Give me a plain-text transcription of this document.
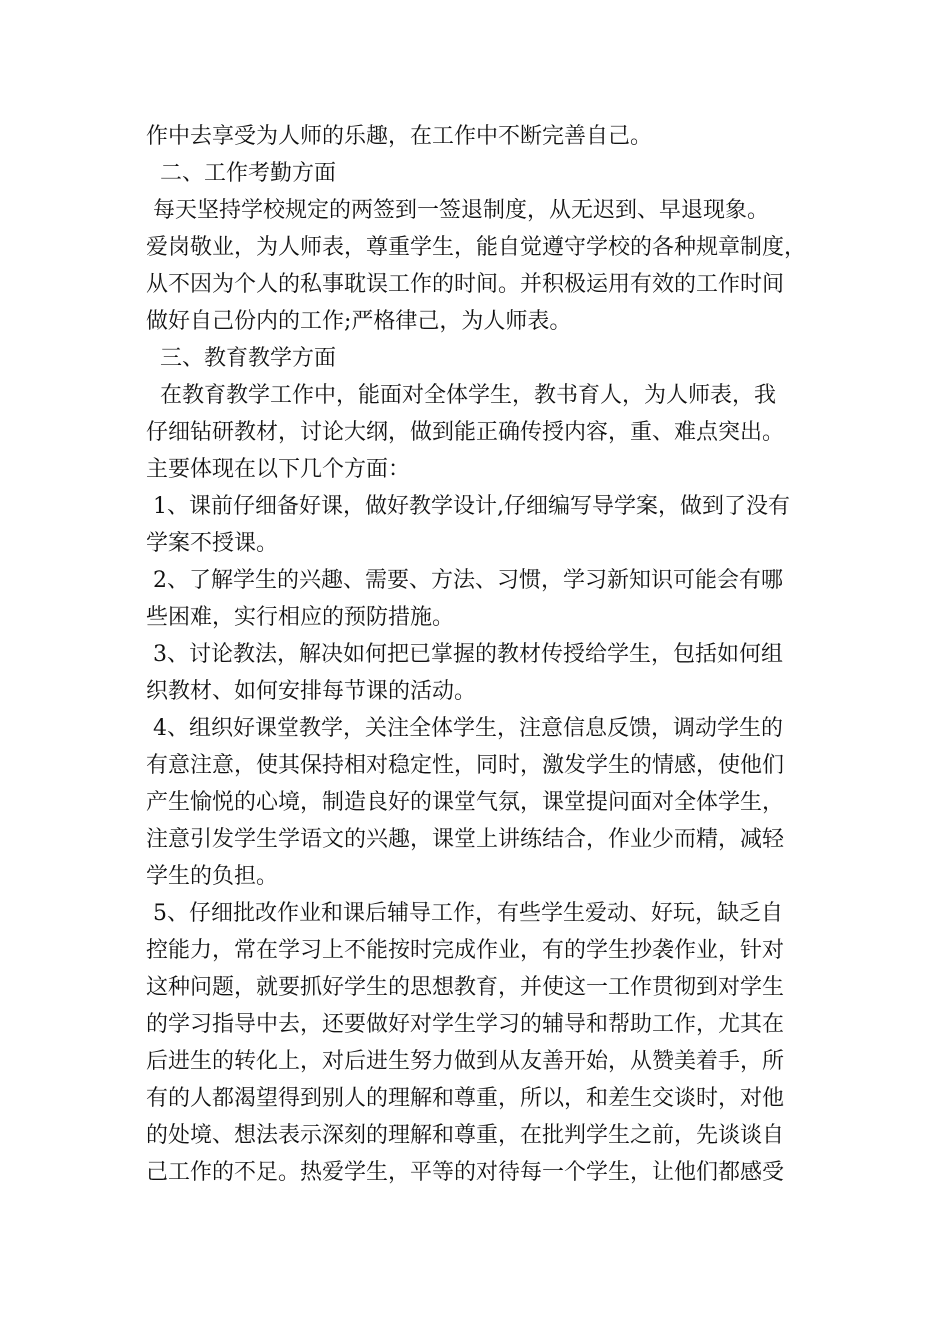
作中去享受为人师的乐趣，在工作中不断完善自己。
二、工作考勤方面
每天坚持学校规定的两签到一签退制度，从无迟到、早退现象。
爱岗敬业，为人师表，尊重学生，能自觉遵守学校的各种规章制度，
从不因为个人的私事耽误工作的时间。并积极运用有效的工作时间
做好自己份内的工作;严格律己，为人师表。
三、教育教学方面
在教育教学工作中，能面对全体学生，教书育人，为人师表，我
仔细钻研教材，讨论大纲，做到能正确传授内容，重、难点突出。
主要体现在以下几个方面：
1、课前仔细备好课，做好教学设计,仔细编写导学案，做到了没有
学案不授课。
2、了解学生的兴趣、需要、方法、习惯，学习新知识可能会有哪
些困难，实行相应的预防措施。
3、讨论教法，解决如何把已掌握的教材传授给学生，包括如何组
织教材、如何安排每节课的活动。
4、组织好课堂教学，关注全体学生，注意信息反馈，调动学生的
有意注意，使其保持相对稳定性，同时，激发学生的情感，使他们
产生愉悦的心境，制造良好的课堂气氛，课堂提问面对全体学生，
注意引发学生学语文的兴趣，课堂上讲练结合，作业少而精，减轻
学生的负担。
5、仔细批改作业和课后辅导工作，有些学生爱动、好玩，缺乏自
控能力，常在学习上不能按时完成作业，有的学生抄袭作业，针对
这种问题，就要抓好学生的思想教育，并使这一工作贯彻到对学生
的学习指导中去，还要做好对学生学习的辅导和帮助工作，尤其在
后进生的转化上，对后进生努力做到从友善开始，从赞美着手，所
有的人都渴望得到别人的理解和尊重，所以，和差生交谈时，对他
的处境、想法表示深刻的理解和尊重，在批判学生之前，先谈谈自
己工作的不足。热爱学生，平等的对待每一个学生，让他们都感受
